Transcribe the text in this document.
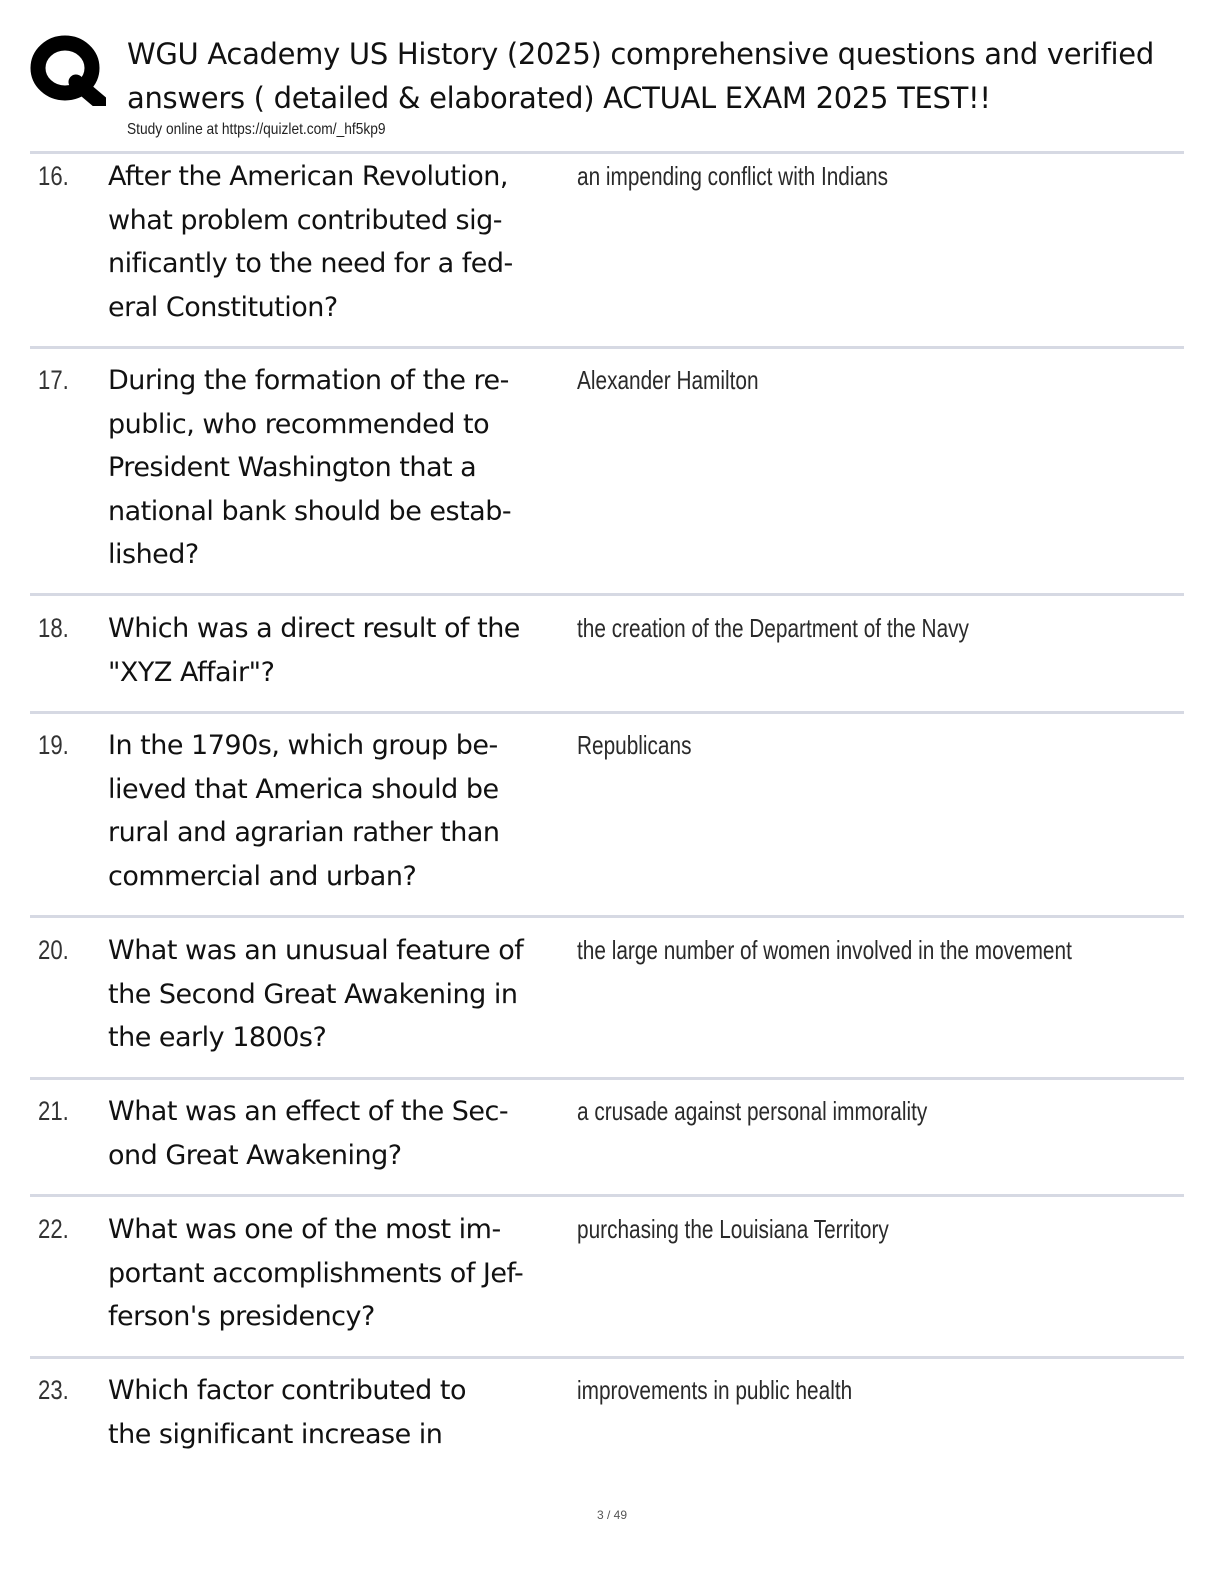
WGU Academy US History (2025) comprehensive questions and verified answers ( detailed & elaborated) ACTUAL EXAM 2025 TEST!!
Study online at https://quizlet.com/_hf5kp9
16. After the American Revolution,
what problem contributed sig-
nificantly to the need for a fed-
eral Constitution?

an impending conflict with Indians
17. During the formation of the re-
public, who recommended to
President Washington that a
national bank should be estab-
lished?

Alexander Hamilton
18. Which was a direct result of the
"XYZ Affair"?

the creation of the Department of the Navy
19. In the 1790s, which group be-
lieved that America should be
rural and agrarian rather than
commercial and urban?

Republicans
20. What was an unusual feature of
the Second Great Awakening in
the early 1800s?

the large number of women involved in the movement
21. What was an effect of the Sec-
ond Great Awakening?

a crusade against personal immorality
22. What was one of the most im-
portant accomplishments of Jef-
ferson's presidency?

purchasing the Louisiana Territory
23. Which factor contributed to
the significant increase in

improvements in public health
3 / 49
